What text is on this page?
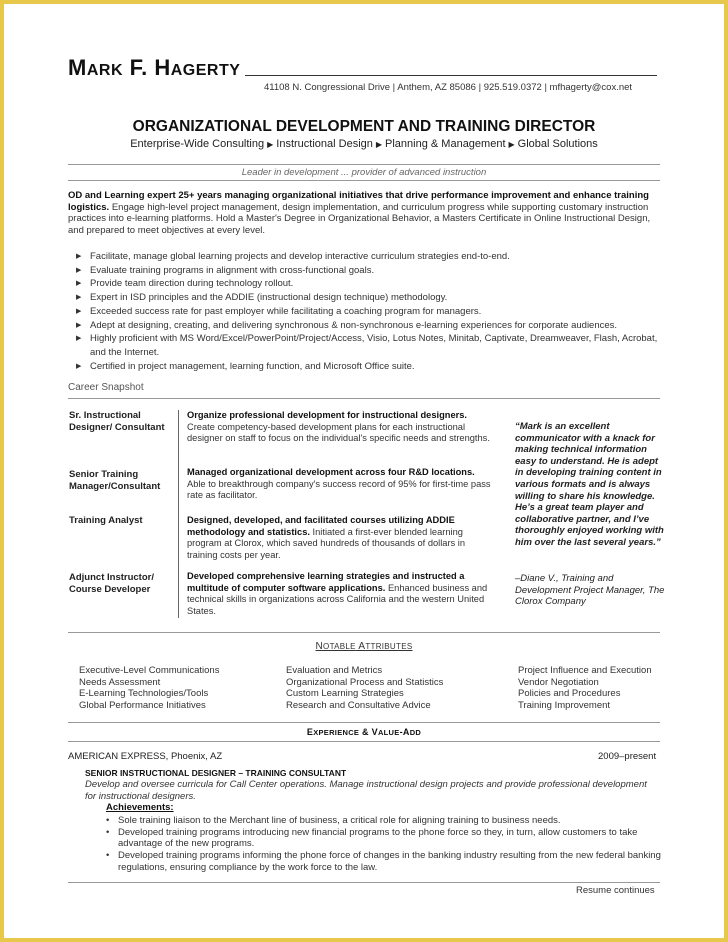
MARK F. HAGERTY
41108 N. Congressional Drive | Anthem, AZ 85086 | 925.519.0372 | mfhagerty@cox.net
ORGANIZATIONAL DEVELOPMENT AND TRAINING DIRECTOR
Enterprise-Wide Consulting ▶ Instructional Design ▶ Planning & Management ▶ Global Solutions
Leader in development ... provider of advanced instruction
OD and Learning expert 25+ years managing organizational initiatives that drive performance improvement and enhance training logistics. Engage high-level project management, design implementation, and curriculum progress while supporting customary instruction practices into e-learning platforms. Hold a Master's Degree in Organizational Behavior, a Masters Certificate in Online Instructional Design, and prepared to meet objectives at every level.
▶ Facilitate, manage global learning projects and develop interactive curriculum strategies end-to-end.
▶ Evaluate training programs in alignment with cross-functional goals.
▶ Provide team direction during technology rollout.
▶ Expert in ISD principles and the ADDIE (instructional design technique) methodology.
▶ Exceeded success rate for past employer while facilitating a coaching program for managers.
▶ Adept at designing, creating, and delivering synchronous & non-synchronous e-learning experiences for corporate audiences.
▶ Highly proficient with MS Word/Excel/PowerPoint/Project/Access, Visio, Lotus Notes, Minitab, Captivate, Dreamweaver, Flash, Acrobat, and the Internet.
▶ Certified in project management, learning function, and Microsoft Office suite.
Career Snapshot
Sr. Instructional Designer/ Consultant
Organize professional development for instructional designers. Create competency-based development plans for each instructional designer on staff to focus on the individual's specific needs and strengths.
Senior Training Manager/Consultant
Managed organizational development across four R&D locations. Able to breakthrough company's success record of 95% for first-time pass rate as facilitator.
Training Analyst	Designed, developed, and facilitated courses utilizing ADDIE methodology and statistics. Initiated a first-ever blended learning program at Clorox, which saved hundreds of thousands of dollars in training costs per year.
Adjunct Instructor/ Course Developer
Developed comprehensive learning strategies and instructed a multitude of computer software applications. Enhanced business and technical skills in organizations across California and the western United States.
“Mark is an excellent communicator with a knack for making technical information easy to understand. He is adept in developing training content in various formats and is always willing to share his knowledge. He’s a great team player and collaborative partner, and I’ve thoroughly enjoyed working with him over the last several years.”
–Diane V., Training and Development Project Manager, The Clorox Company
NOTABLE ATTRIBUTES
Executive-Level Communications
Needs Assessment
E-Learning Technologies/Tools
Global Performance Initiatives
Evaluation and Metrics
Organizational Process and Statistics
Custom Learning Strategies
Research and Consultative Advice
Project Influence and Execution
Vendor Negotiation
Policies and Procedures
Training Improvement
EXPERIENCE & VALUE-ADD
AMERICAN EXPRESS, Phoenix, AZ	2009–present
SENIOR INSTRUCTIONAL DESIGNER – TRAINING CONSULTANT
Develop and oversee curricula for Call Center operations. Manage instructional design projects and provide professional development for instructional designers.
Achievements:
• Sole training liaison to the Merchant line of business, a critical role for aligning training to business needs.
• Developed training programs introducing new financial programs to the phone force so they, in turn, allow customers to take advantage of the new programs.
• Developed training programs informing the phone force of changes in the banking industry resulting from the new federal banking regulations, ensuring compliance by the work force to the law.
Resume continues
